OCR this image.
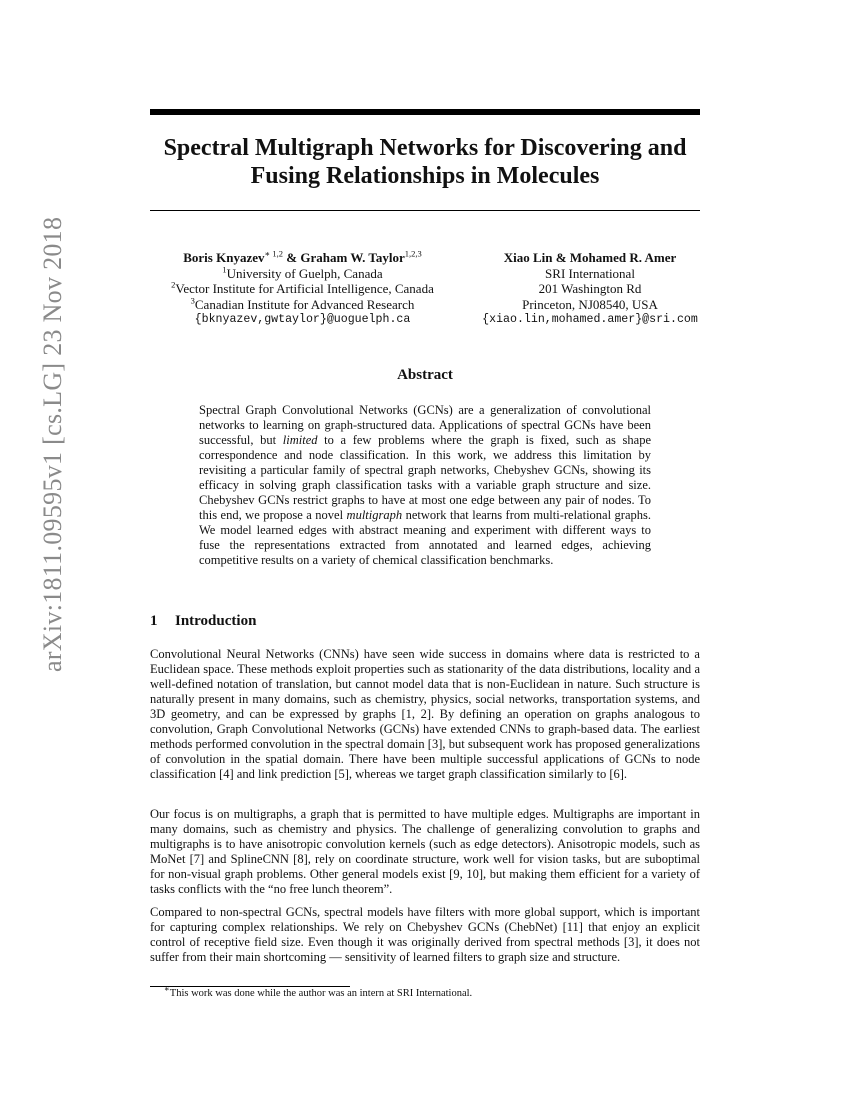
arXiv:1811.09595v1 [cs.LG] 23 Nov 2018
Spectral Multigraph Networks for Discovering and
Fusing Relationships in Molecules
Boris Knyazev$^{∗ 1,2}$ & Graham W. Taylor$^{1,2,3}$
$^1$University of Guelph, Canada
$^2$Vector Institute for Artificial Intelligence, Canada
$^3$Canadian Institute for Advanced Research
{bknyazev,gwtaylor}@uoguelph.ca
Xiao Lin & Mohamed R. Amer
SRI International
201 Washington Rd
Princeton, NJ08540, USA
{xiao.lin,mohamed.amer}@sri.com
Abstract
Spectral Graph Convolutional Networks (GCNs) are a generalization of convolutional networks to learning on graph-structured data. Applications of spectral GCNs have been successful, but limited to a few problems where the graph is fixed, such as shape correspondence and node classification. In this work, we address this limitation by revisiting a particular family of spectral graph networks, Chebyshev GCNs, showing its efficacy in solving graph classification tasks with a variable graph structure and size. Chebyshev GCNs restrict graphs to have at most one edge between any pair of nodes. To this end, we propose a novel multigraph network that learns from multi-relational graphs. We model learned edges with abstract meaning and experiment with different ways to fuse the representations extracted from annotated and learned edges, achieving competitive results on a variety of chemical classification benchmarks.
1 Introduction
Convolutional Neural Networks (CNNs) have seen wide success in domains where data is restricted to a Euclidean space. These methods exploit properties such as stationarity of the data distributions, locality and a well-defined notation of translation, but cannot model data that is non-Euclidean in nature. Such structure is naturally present in many domains, such as chemistry, physics, social networks, transportation systems, and 3D geometry, and can be expressed by graphs [1, 2]. By defining an operation on graphs analogous to convolution, Graph Convolutional Networks (GCNs) have extended CNNs to graph-based data. The earliest methods performed convolution in the spectral domain [3], but subsequent work has proposed generalizations of convolution in the spatial domain. There have been multiple successful applications of GCNs to node classification [4] and link prediction [5], whereas we target graph classification similarly to [6].
Our focus is on multigraphs, a graph that is permitted to have multiple edges. Multigraphs are important in many domains, such as chemistry and physics. The challenge of generalizing convolution to graphs and multigraphs is to have anisotropic convolution kernels (such as edge detectors). Anisotropic models, such as MoNet [7] and SplineCNN [8], rely on coordinate structure, work well for vision tasks, but are suboptimal for non-visual graph problems. Other general models exist [9, 10], but making them efficient for a variety of tasks conflicts with the “no free lunch theorem”.
Compared to non-spectral GCNs, spectral models have filters with more global support, which is important for capturing complex relationships. We rely on Chebyshev GCNs (ChebNet) [11] that enjoy an explicit control of receptive field size. Even though it was originally derived from spectral methods [3], it does not suffer from their main shortcoming — sensitivity of learned filters to graph size and structure.
∗This work was done while the author was an intern at SRI International.
